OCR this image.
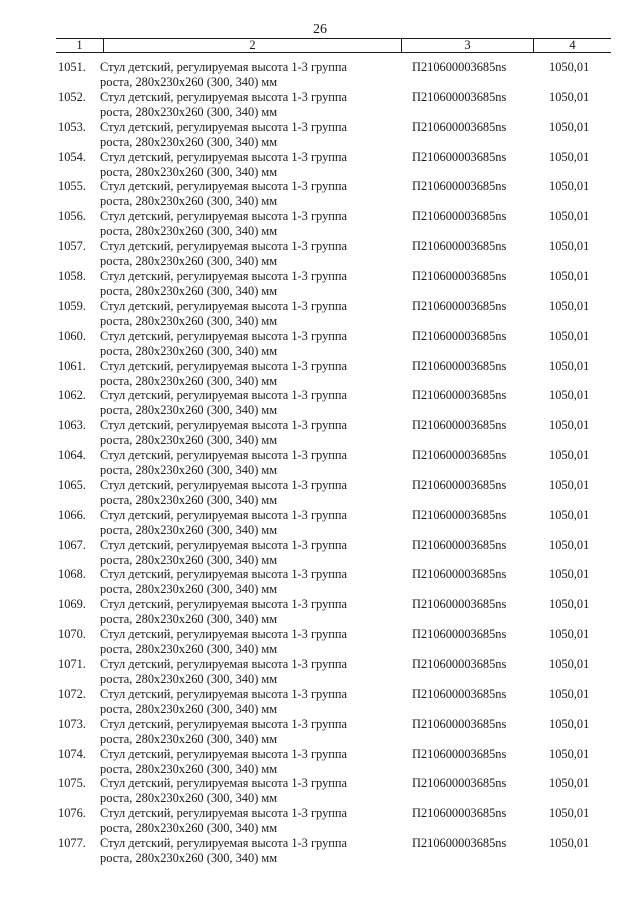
26
1	2	3	4
1051.	Стул детский, регулируемая высота 1-3 группа
роста, 280x230x260 (300, 340) мм
П210600003685ns	1050,01
1052.	Стул детский, регулируемая высота 1-3 группа
роста, 280x230x260 (300, 340) мм
П210600003685ns	1050,01
1053.	Стул детский, регулируемая высота 1-3 группа
роста, 280x230x260 (300, 340) мм
П210600003685ns	1050,01
1054.	Стул детский, регулируемая высота 1-3 группа
роста, 280x230x260 (300, 340) мм
П210600003685ns	1050,01
1055.	Стул детский, регулируемая высота 1-3 группа
роста, 280x230x260 (300, 340) мм
П210600003685ns	1050,01
1056.	Стул детский, регулируемая высота 1-3 группа
роста, 280x230x260 (300, 340) мм
П210600003685ns	1050,01
1057.	Стул детский, регулируемая высота 1-3 группа
роста, 280x230x260 (300, 340) мм
П210600003685ns	1050,01
1058.	Стул детский, регулируемая высота 1-3 группа
роста, 280x230x260 (300, 340) мм
П210600003685ns	1050,01
1059.	Стул детский, регулируемая высота 1-3 группа
роста, 280x230x260 (300, 340) мм
П210600003685ns	1050,01
1060.	Стул детский, регулируемая высота 1-3 группа
роста, 280x230x260 (300, 340) мм
П210600003685ns	1050,01
1061.	Стул детский, регулируемая высота 1-3 группа
роста, 280x230x260 (300, 340) мм
П210600003685ns	1050,01
1062.	Стул детский, регулируемая высота 1-3 группа
роста, 280x230x260 (300, 340) мм
П210600003685ns	1050,01
1063.	Стул детский, регулируемая высота 1-3 группа
роста, 280x230x260 (300, 340) мм
П210600003685ns	1050,01
1064.	Стул детский, регулируемая высота 1-3 группа
роста, 280x230x260 (300, 340) мм
П210600003685ns	1050,01
1065.	Стул детский, регулируемая высота 1-3 группа
роста, 280x230x260 (300, 340) мм
П210600003685ns	1050,01
1066.	Стул детский, регулируемая высота 1-3 группа
роста, 280x230x260 (300, 340) мм
П210600003685ns	1050,01
1067.	Стул детский, регулируемая высота 1-3 группа
роста, 280x230x260 (300, 340) мм
П210600003685ns	1050,01
1068.	Стул детский, регулируемая высота 1-3 группа
роста, 280x230x260 (300, 340) мм
П210600003685ns	1050,01
1069.	Стул детский, регулируемая высота 1-3 группа
роста, 280x230x260 (300, 340) мм
П210600003685ns	1050,01
1070.	Стул детский, регулируемая высота 1-3 группа
роста, 280x230x260 (300, 340) мм
П210600003685ns	1050,01
1071.	Стул детский, регулируемая высота 1-3 группа
роста, 280x230x260 (300, 340) мм
П210600003685ns	1050,01
1072.	Стул детский, регулируемая высота 1-3 группа
роста, 280x230x260 (300, 340) мм
П210600003685ns	1050,01
1073.	Стул детский, регулируемая высота 1-3 группа
роста, 280x230x260 (300, 340) мм
П210600003685ns	1050,01
1074.	Стул детский, регулируемая высота 1-3 группа
роста, 280x230x260 (300, 340) мм
П210600003685ns	1050,01
1075.	Стул детский, регулируемая высота 1-3 группа
роста, 280x230x260 (300, 340) мм
П210600003685ns	1050,01
1076.	Стул детский, регулируемая высота 1-3 группа
роста, 280x230x260 (300, 340) мм
П210600003685ns	1050,01
1077.	Стул детский, регулируемая высота 1-3 группа
роста, 280x230x260 (300, 340) мм
П210600003685ns	1050,01
